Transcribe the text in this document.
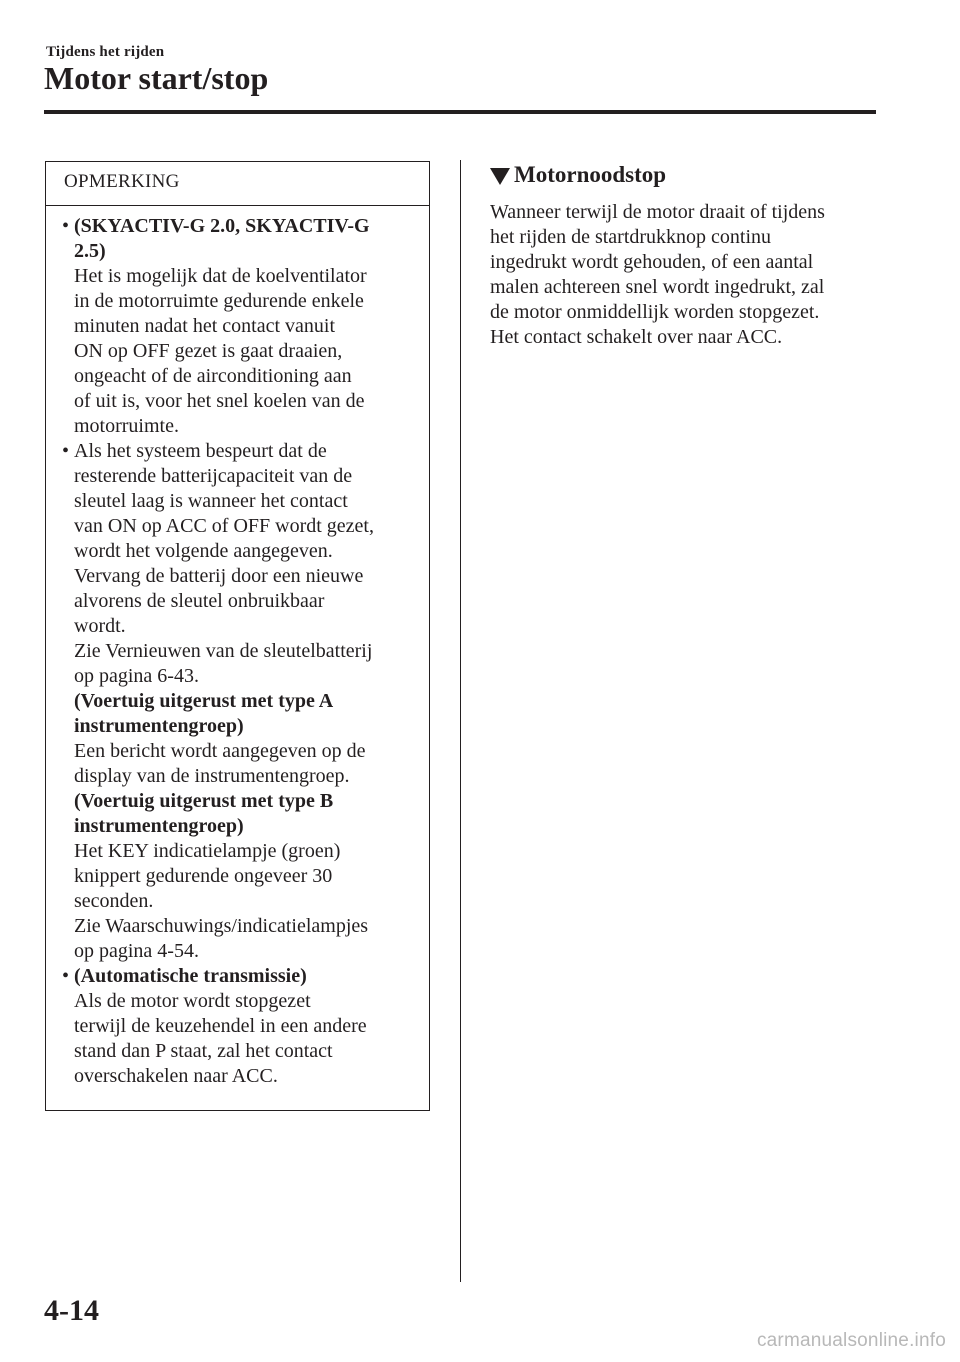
Tijdens het rijden
Motor start/stop
OPMERKING
• (SKYACTIV-G 2.0, SKYACTIV-G
2.5)
Het is mogelijk dat de koelventilator
in de motorruimte gedurende enkele
minuten nadat het contact vanuit
ON op OFF gezet is gaat draaien,
ongeacht of de airconditioning aan
of uit is, voor het snel koelen van de
motorruimte.
• Als het systeem bespeurt dat de
resterende batterijcapaciteit van de
sleutel laag is wanneer het contact
van ON op ACC of OFF wordt gezet,
wordt het volgende aangegeven.
Vervang de batterij door een nieuwe
alvorens de sleutel onbruikbaar
wordt.
Zie Vernieuwen van de sleutelbatterij
op pagina 6-43.
(Voertuig uitgerust met type A
instrumentengroep)
Een bericht wordt aangegeven op de
display van de instrumentengroep.
(Voertuig uitgerust met type B
instrumentengroep)
Het KEY indicatielampje (groen)
knippert gedurende ongeveer 30
seconden.
Zie Waarschuwings/indicatielampjes
op pagina 4-54.
• (Automatische transmissie)
Als de motor wordt stopgezet
terwijl de keuzehendel in een andere
stand dan P staat, zal het contact
overschakelen naar ACC.
Motornoodstop
Wanneer terwijl de motor draait of tijdens
het rijden de startdrukknop continu
ingedrukt wordt gehouden, of een aantal
malen achtereen snel wordt ingedrukt, zal
de motor onmiddellijk worden stopgezet.
Het contact schakelt over naar ACC.
4-14
carmanualsonline.info
